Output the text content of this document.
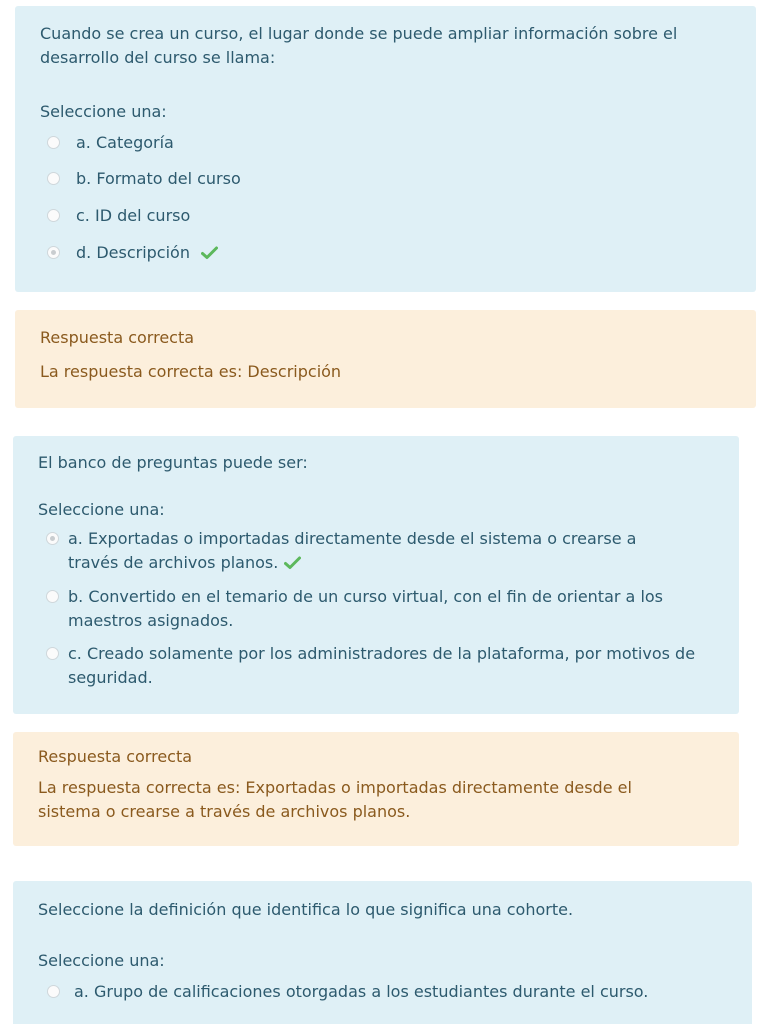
Cuando se crea un curso, el lugar donde se puede ampliar información sobre el desarrollo del curso se llama:

Seleccione una:

a. Categoría
b. Formato del curso
c. ID del curso
d. Descripción

Respuesta correcta

La respuesta correcta es: Descripción

El banco de preguntas puede ser:

Seleccione una:

a. Exportadas o importadas directamente desde el sistema o crearse a través de archivos planos.
b. Convertido en el temario de un curso virtual, con el fin de orientar a los maestros asignados.
c. Creado solamente por los administradores de la plataforma, por motivos de seguridad.

Respuesta correcta

La respuesta correcta es: Exportadas o importadas directamente desde el sistema o crearse a través de archivos planos.

Seleccione la definición que identifica lo que significa una cohorte.

Seleccione una:

a. Grupo de calificaciones otorgadas a los estudiantes durante el curso.
